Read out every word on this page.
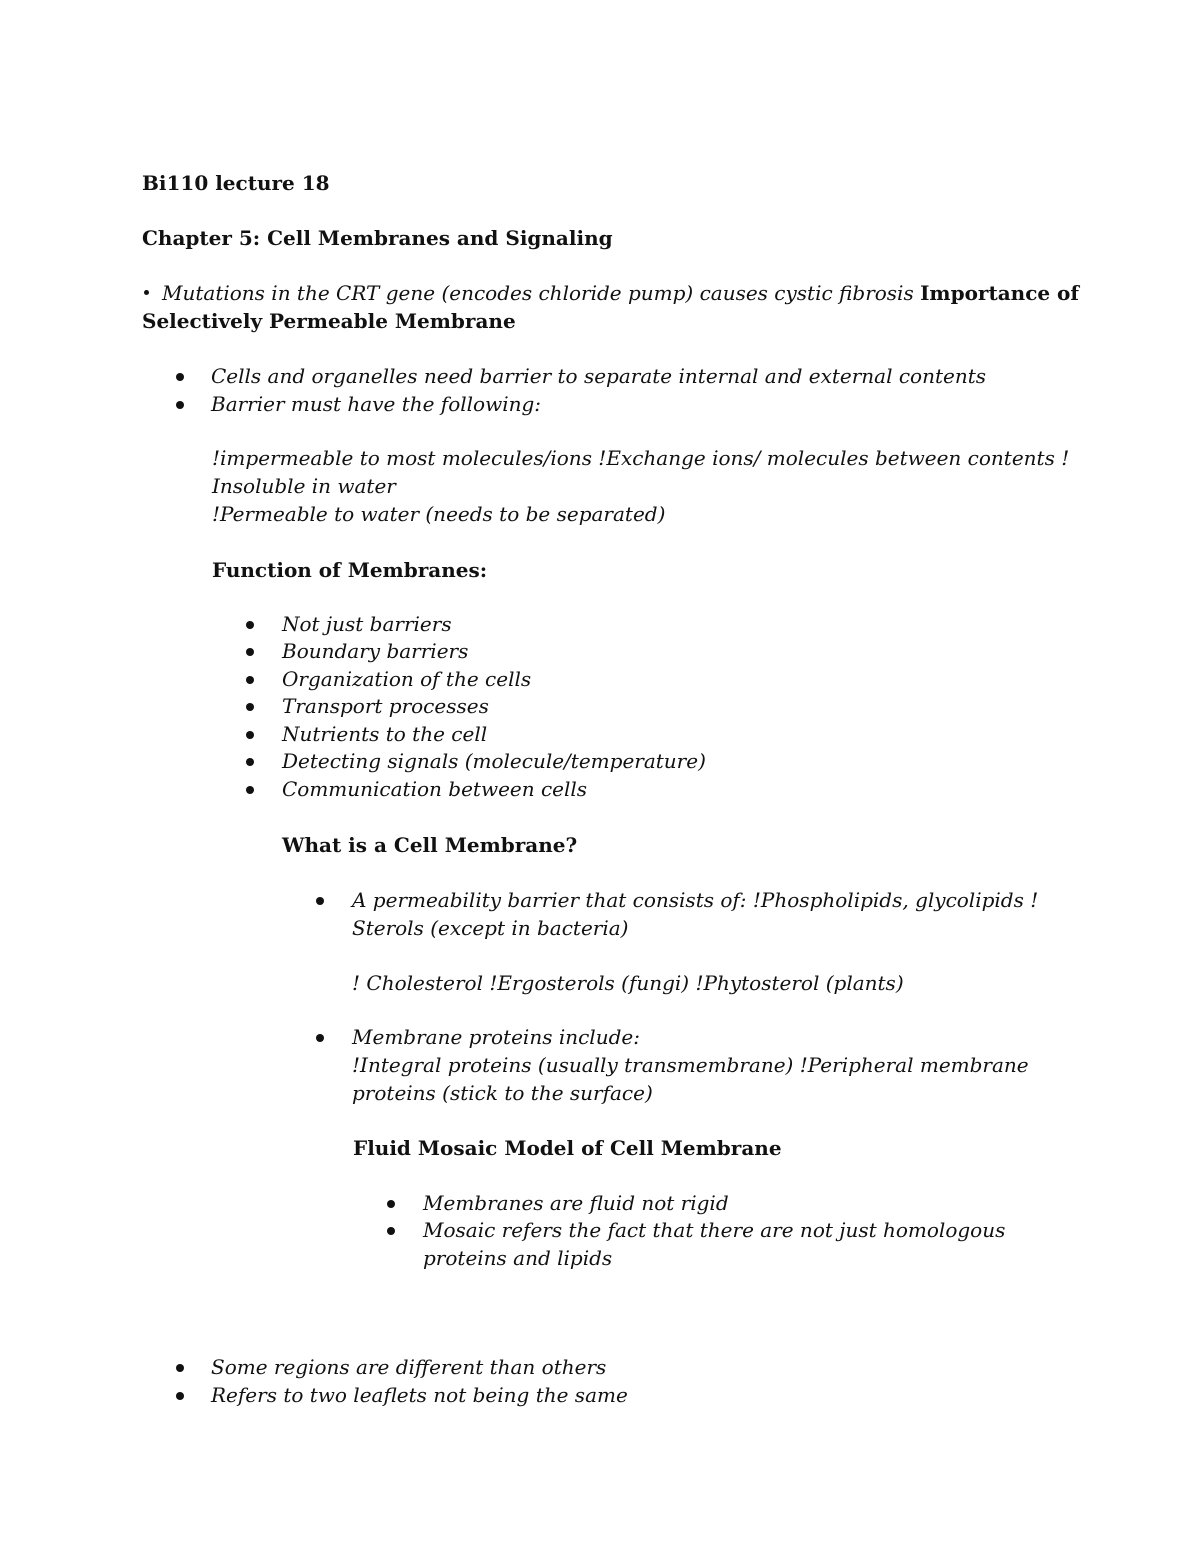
Bi110 lecture 18
Chapter 5: Cell Membranes and Signaling
Mutations in the CRT gene (encodes chloride pump) causes cystic fibrosis Importance of
Selectively Permeable Membrane
Cells and organelles need barrier to separate internal and external contents
Barrier must have the following:
!impermeable to most molecules/ions !Exchange ions/ molecules between contents !
Insoluble in water
!Permeable to water (needs to be separated)
Function of Membranes:
Not just barriers
Boundary barriers
Organization of the cells
Transport processes
Nutrients to the cell
Detecting signals (molecule/temperature)
Communication between cells
What is a Cell Membrane?
A permeability barrier that consists of: !Phospholipids, glycolipids !
Sterols (except in bacteria)
! Cholesterol !Ergosterols (fungi) !Phytosterol (plants)
Membrane proteins include:
!Integral proteins (usually transmembrane) !Peripheral membrane
proteins (stick to the surface)
Fluid Mosaic Model of Cell Membrane
Membranes are fluid not rigid
Mosaic refers the fact that there are not just homologous
proteins and lipids
Some regions are different than others
Refers to two leaflets not being the same
